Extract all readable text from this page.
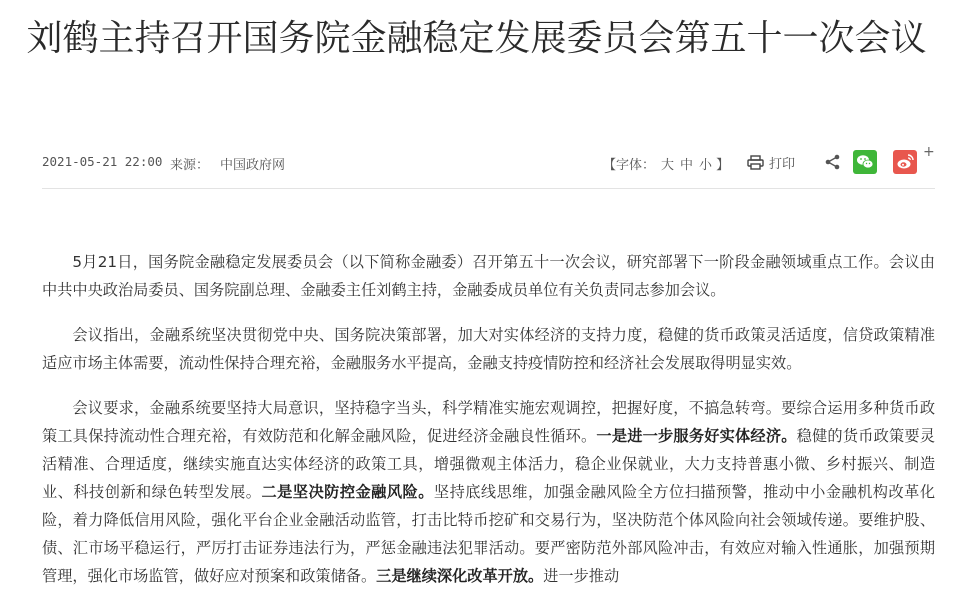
刘鹤主持召开国务院金融稳定发展委员会第五十一次会议
2021-05-21 22:00 来源： 中国政府网	【字体： 大 中 小 】	打印
+

5月21日，国务院金融稳定发展委员会（以下简称金融委）召开第五十一次会议，研究部署下一阶段金融领域重点工作。会议由中共中央政治局委员、国务院副总理、金融委主任刘鹤主持，金融委成员单位有关负责同志参加会议。

会议指出，金融系统坚决贯彻党中央、国务院决策部署，加大对实体经济的支持力度，稳健的货币政策灵活适度，信贷政策精准适应市场主体需要，流动性保持合理充裕，金融服务水平提高，金融支持疫情防控和经济社会发展取得明显实效。

会议要求，金融系统要坚持大局意识，坚持稳字当头，科学精准实施宏观调控，把握好度，不搞急转弯。要综合运用多种货币政策工具保持流动性合理充裕，有效防范和化解金融风险，促进经济金融良性循环。一是进一步服务好实体经济。稳健的货币政策要灵活精准、合理适度，继续实施直达实体经济的政策工具，增强微观主体活力，稳企业保就业，大力支持普惠小微、乡村振兴、制造业、科技创新和绿色转型发展。二是坚决防控金融风险。坚持底线思维，加强金融风险全方位扫描预警，推动中小金融机构改革化险，着力降低信用风险，强化平台企业金融活动监管，打击比特币挖矿和交易行为，坚决防范个体风险向社会领域传递。要维护股、债、汇市场平稳运行，严厉打击证券违法行为，严惩金融违法犯罪活动。要严密防范外部风险冲击，有效应对输入性通胀，加强预期管理，强化市场监管，做好应对预案和政策储备。三是继续深化改革开放。进一步推动
